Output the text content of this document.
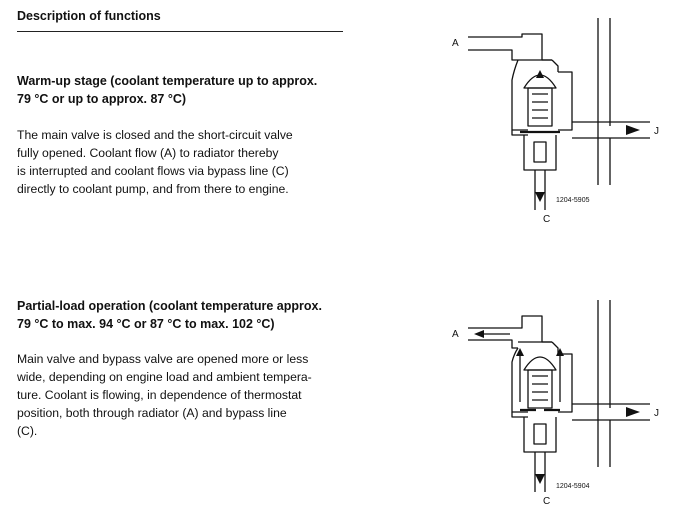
Description of functions
Warm-up stage (coolant temperature up to approx.
79 °C or up to approx. 87 °C)
The main valve is closed and the short-circuit valve
fully opened. Coolant flow (A) to radiator thereby
is interrupted and coolant flows via bypass line (C)
directly to coolant pump, and from there to engine.
Partial-load operation (coolant temperature approx.
79 °C to max. 94 °C or 87 °C to max. 102 °C)
Main valve and bypass valve are opened more or less
wide, depending on engine load and ambient tempera-
ture. Coolant is flowing, in dependence of thermostat
position, both through radiator (A) and bypass line
(C).
A
J
C
1204-5905
A
J
C
1204-5904
